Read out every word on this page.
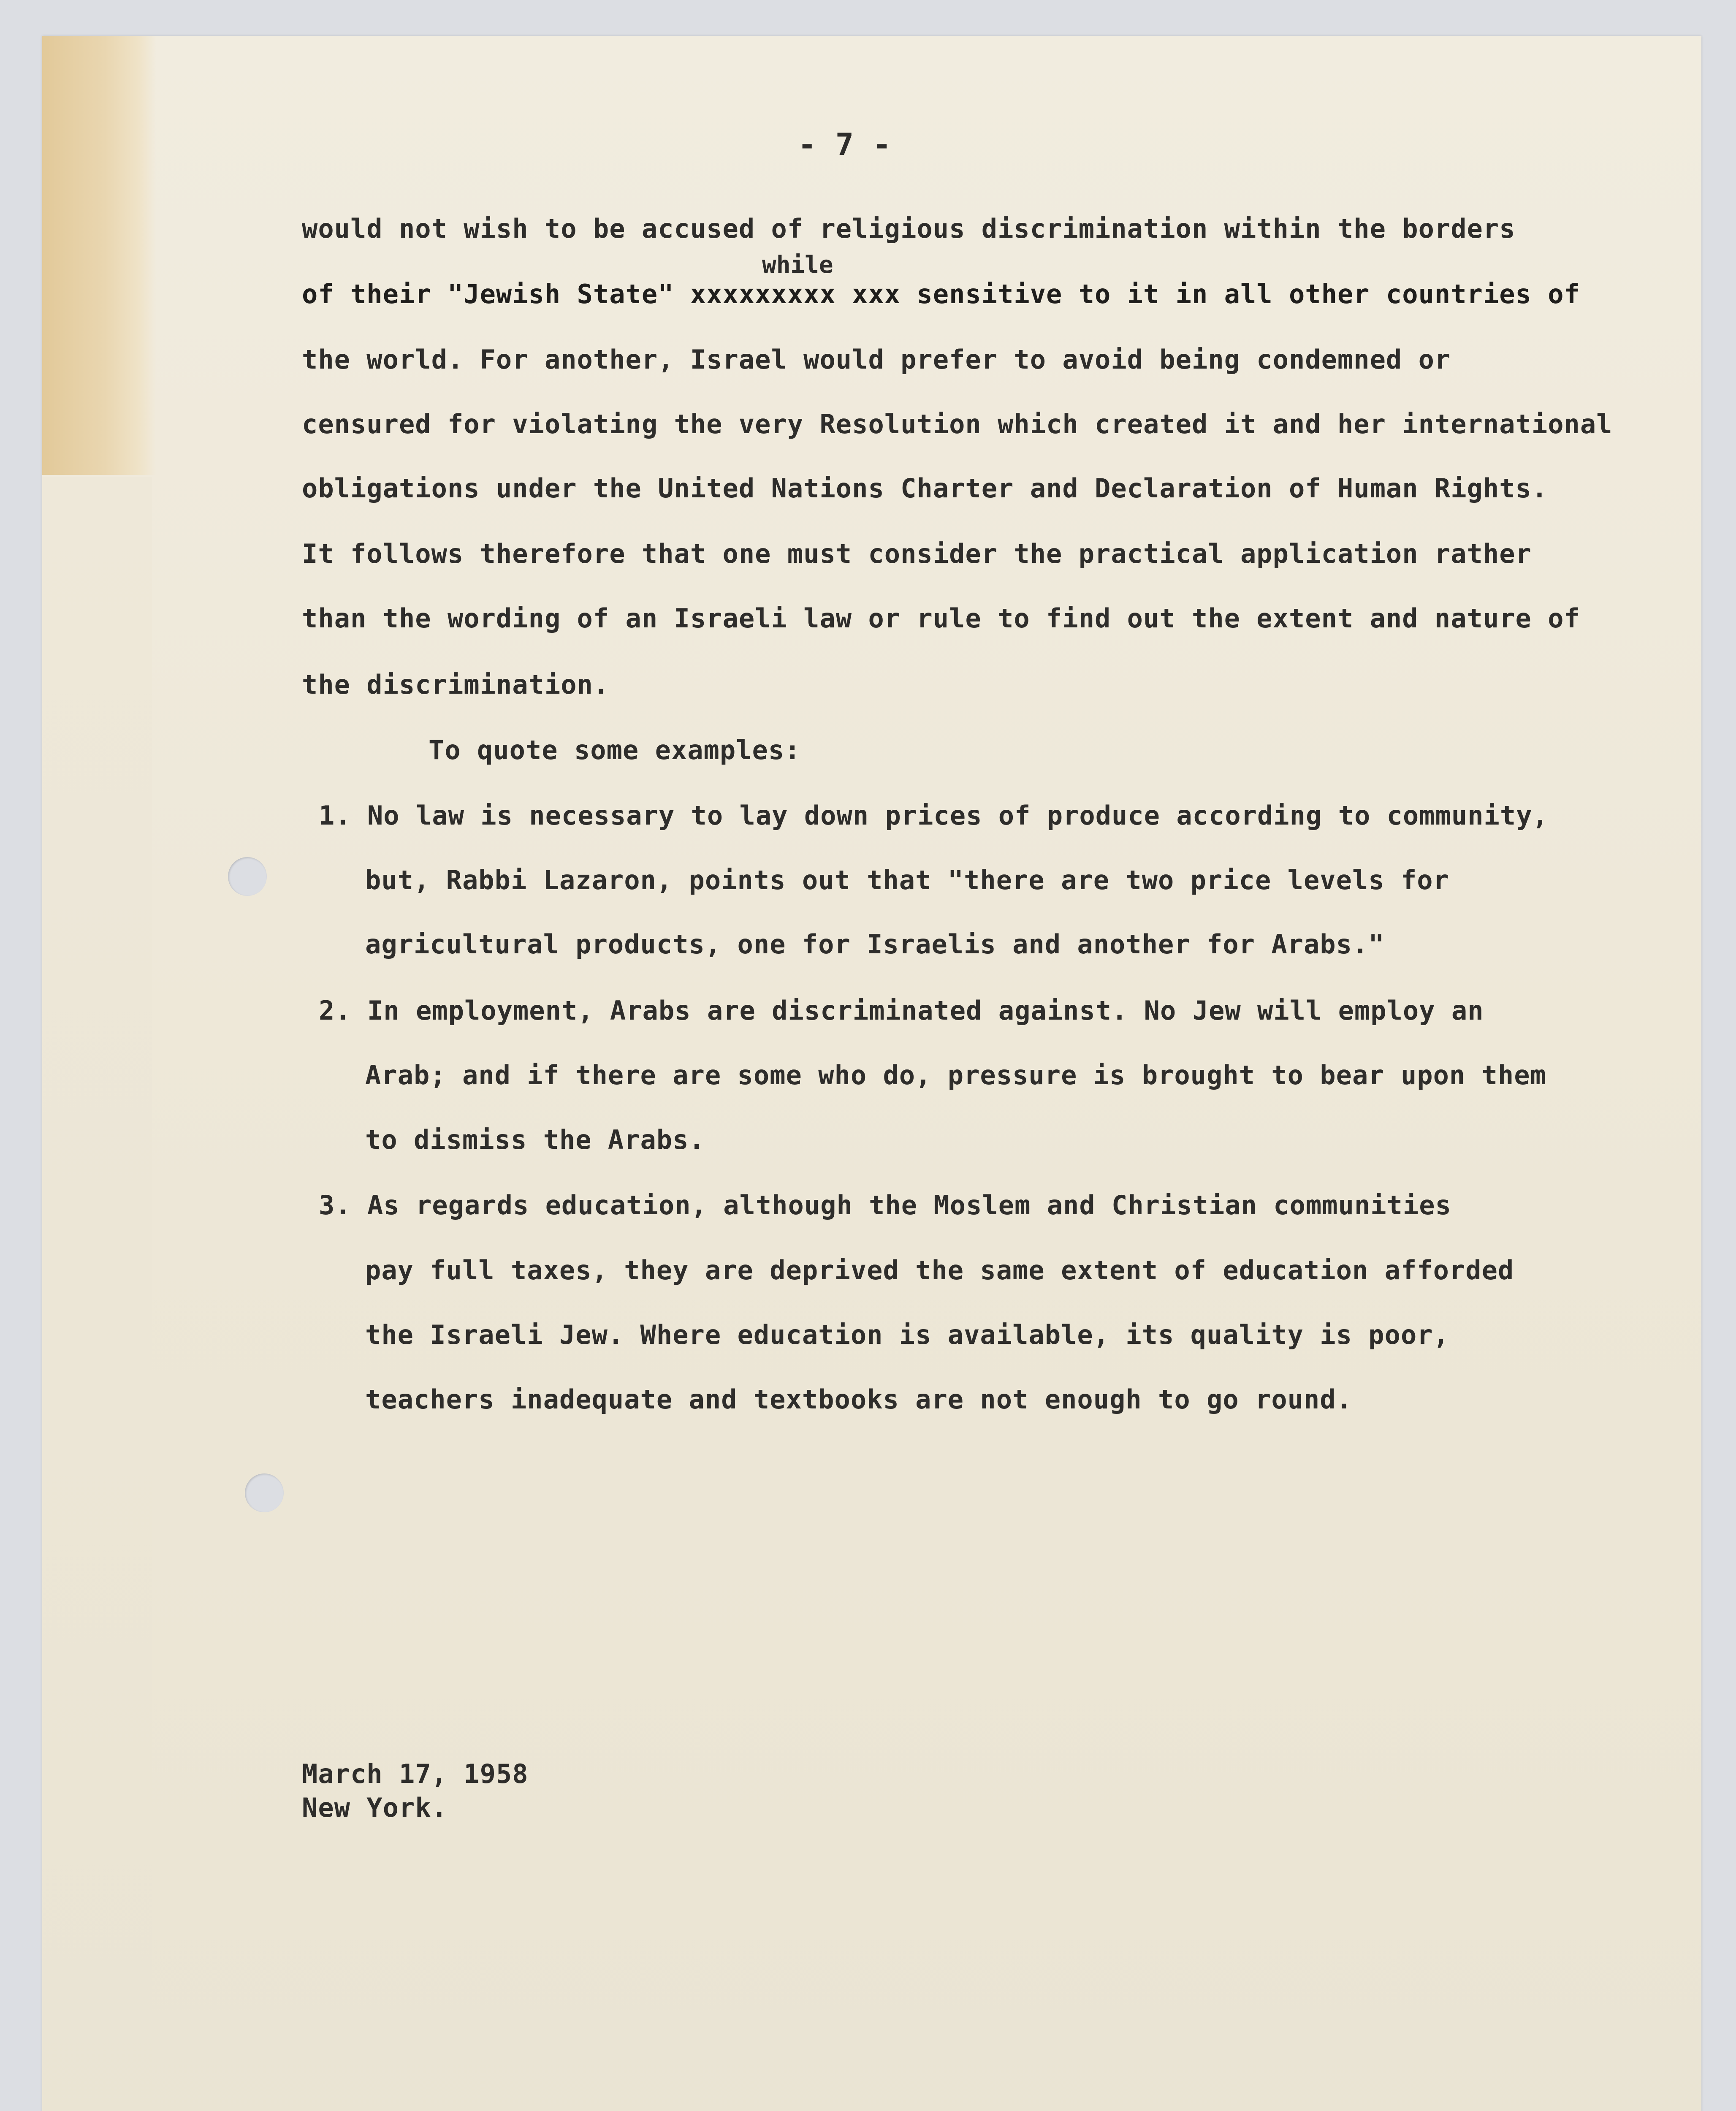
- 7 -
while
would not wish to be accused of religious discrimination within the borders
of their "Jewish State" xxxxxxxxx xxx sensitive to it in all other countries of
the world. For another, Israel would prefer to avoid being condemned or
censured for violating the very Resolution which created it and her international
obligations under the United Nations Charter and Declaration of Human Rights.
It follows therefore that one must consider the practical application rather
than the wording of an Israeli law or rule to find out the extent and nature of
the discrimination.
To quote some examples:
1. No law is necessary to lay down prices of produce according to community,
but, Rabbi Lazaron, points out that "there are two price levels for
agricultural products, one for Israelis and another for Arabs."
2. In employment, Arabs are discriminated against. No Jew will employ an
Arab; and if there are some who do, pressure is brought to bear upon them
to dismiss the Arabs.
3. As regards education, although the Moslem and Christian communities
pay full taxes, they are deprived the same extent of education afforded
the Israeli Jew. Where education is available, its quality is poor,
teachers inadequate and textbooks are not enough to go round.
March 17, 1958
New York.
